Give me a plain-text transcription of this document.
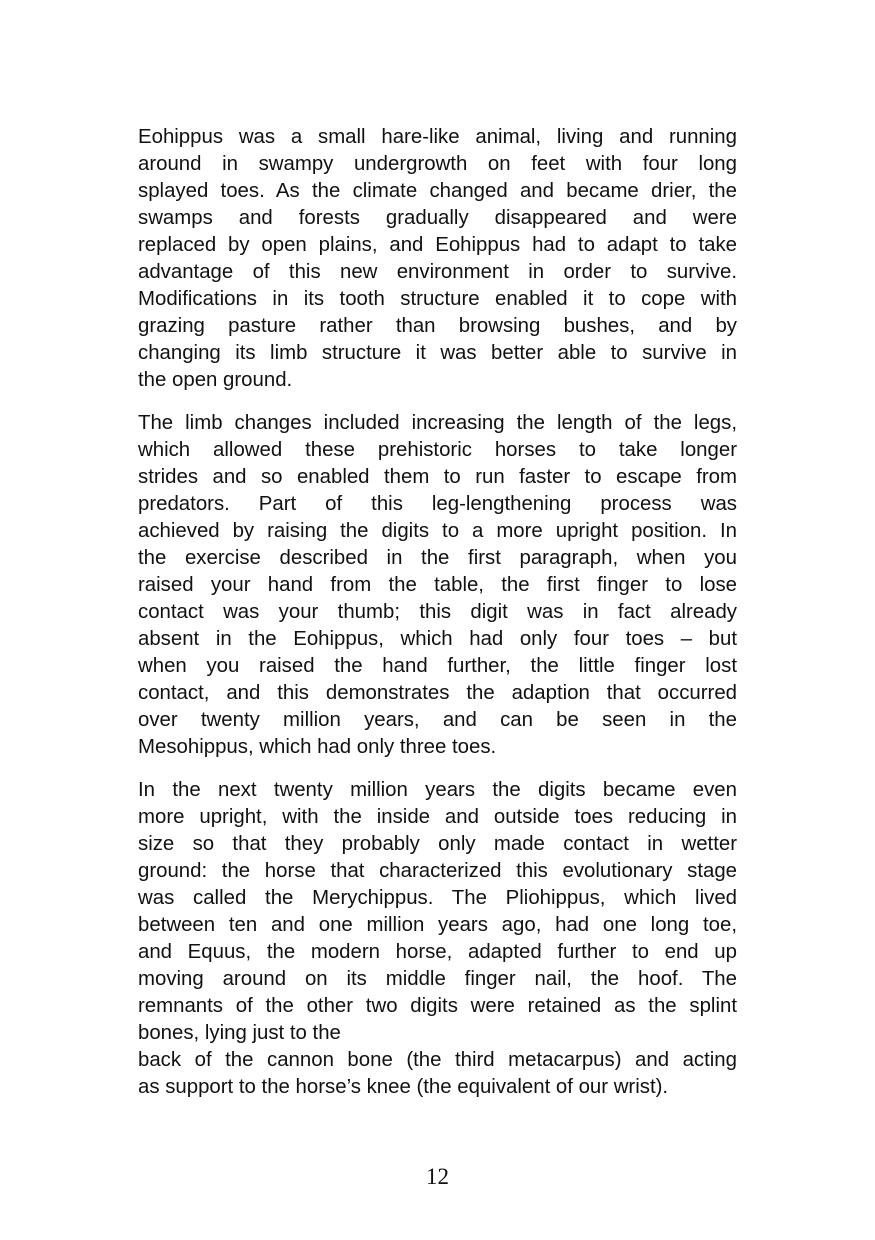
Eohippus was a small hare-like animal, living and running
around in swampy undergrowth on feet with four long
splayed toes. As the climate changed and became drier, the
swamps and forests gradually disappeared and were
replaced by open plains, and Eohippus had to adapt to take
advantage of this new environment in order to survive.
Modifications in its tooth structure enabled it to cope with
grazing pasture rather than browsing bushes, and by
changing its limb structure it was better able to survive in
the open ground.
The limb changes included increasing the length of the legs,
which allowed these prehistoric horses to take longer
strides and so enabled them to run faster to escape from
predators. Part of this leg-lengthening process was
achieved by raising the digits to a more upright position. In
the exercise described in the first paragraph, when you
raised your hand from the table, the first finger to lose
contact was your thumb; this digit was in fact already
absent in the Eohippus, which had only four toes – but
when you raised the hand further, the little finger lost
contact, and this demonstrates the adaption that occurred
over twenty million years, and can be seen in the
Mesohippus, which had only three toes.
In the next twenty million years the digits became even
more upright, with the inside and outside toes reducing in
size so that they probably only made contact in wetter
ground: the horse that characterized this evolutionary stage
was called the Merychippus. The Pliohippus, which lived
between ten and one million years ago, had one long toe,
and Equus, the modern horse, adapted further to end up
moving around on its middle finger nail, the hoof. The
remnants of the other two digits were retained as the splint
bones, lying just to the
back of the cannon bone (the third metacarpus) and acting
as support to the horse’s knee (the equivalent of our wrist).
12
